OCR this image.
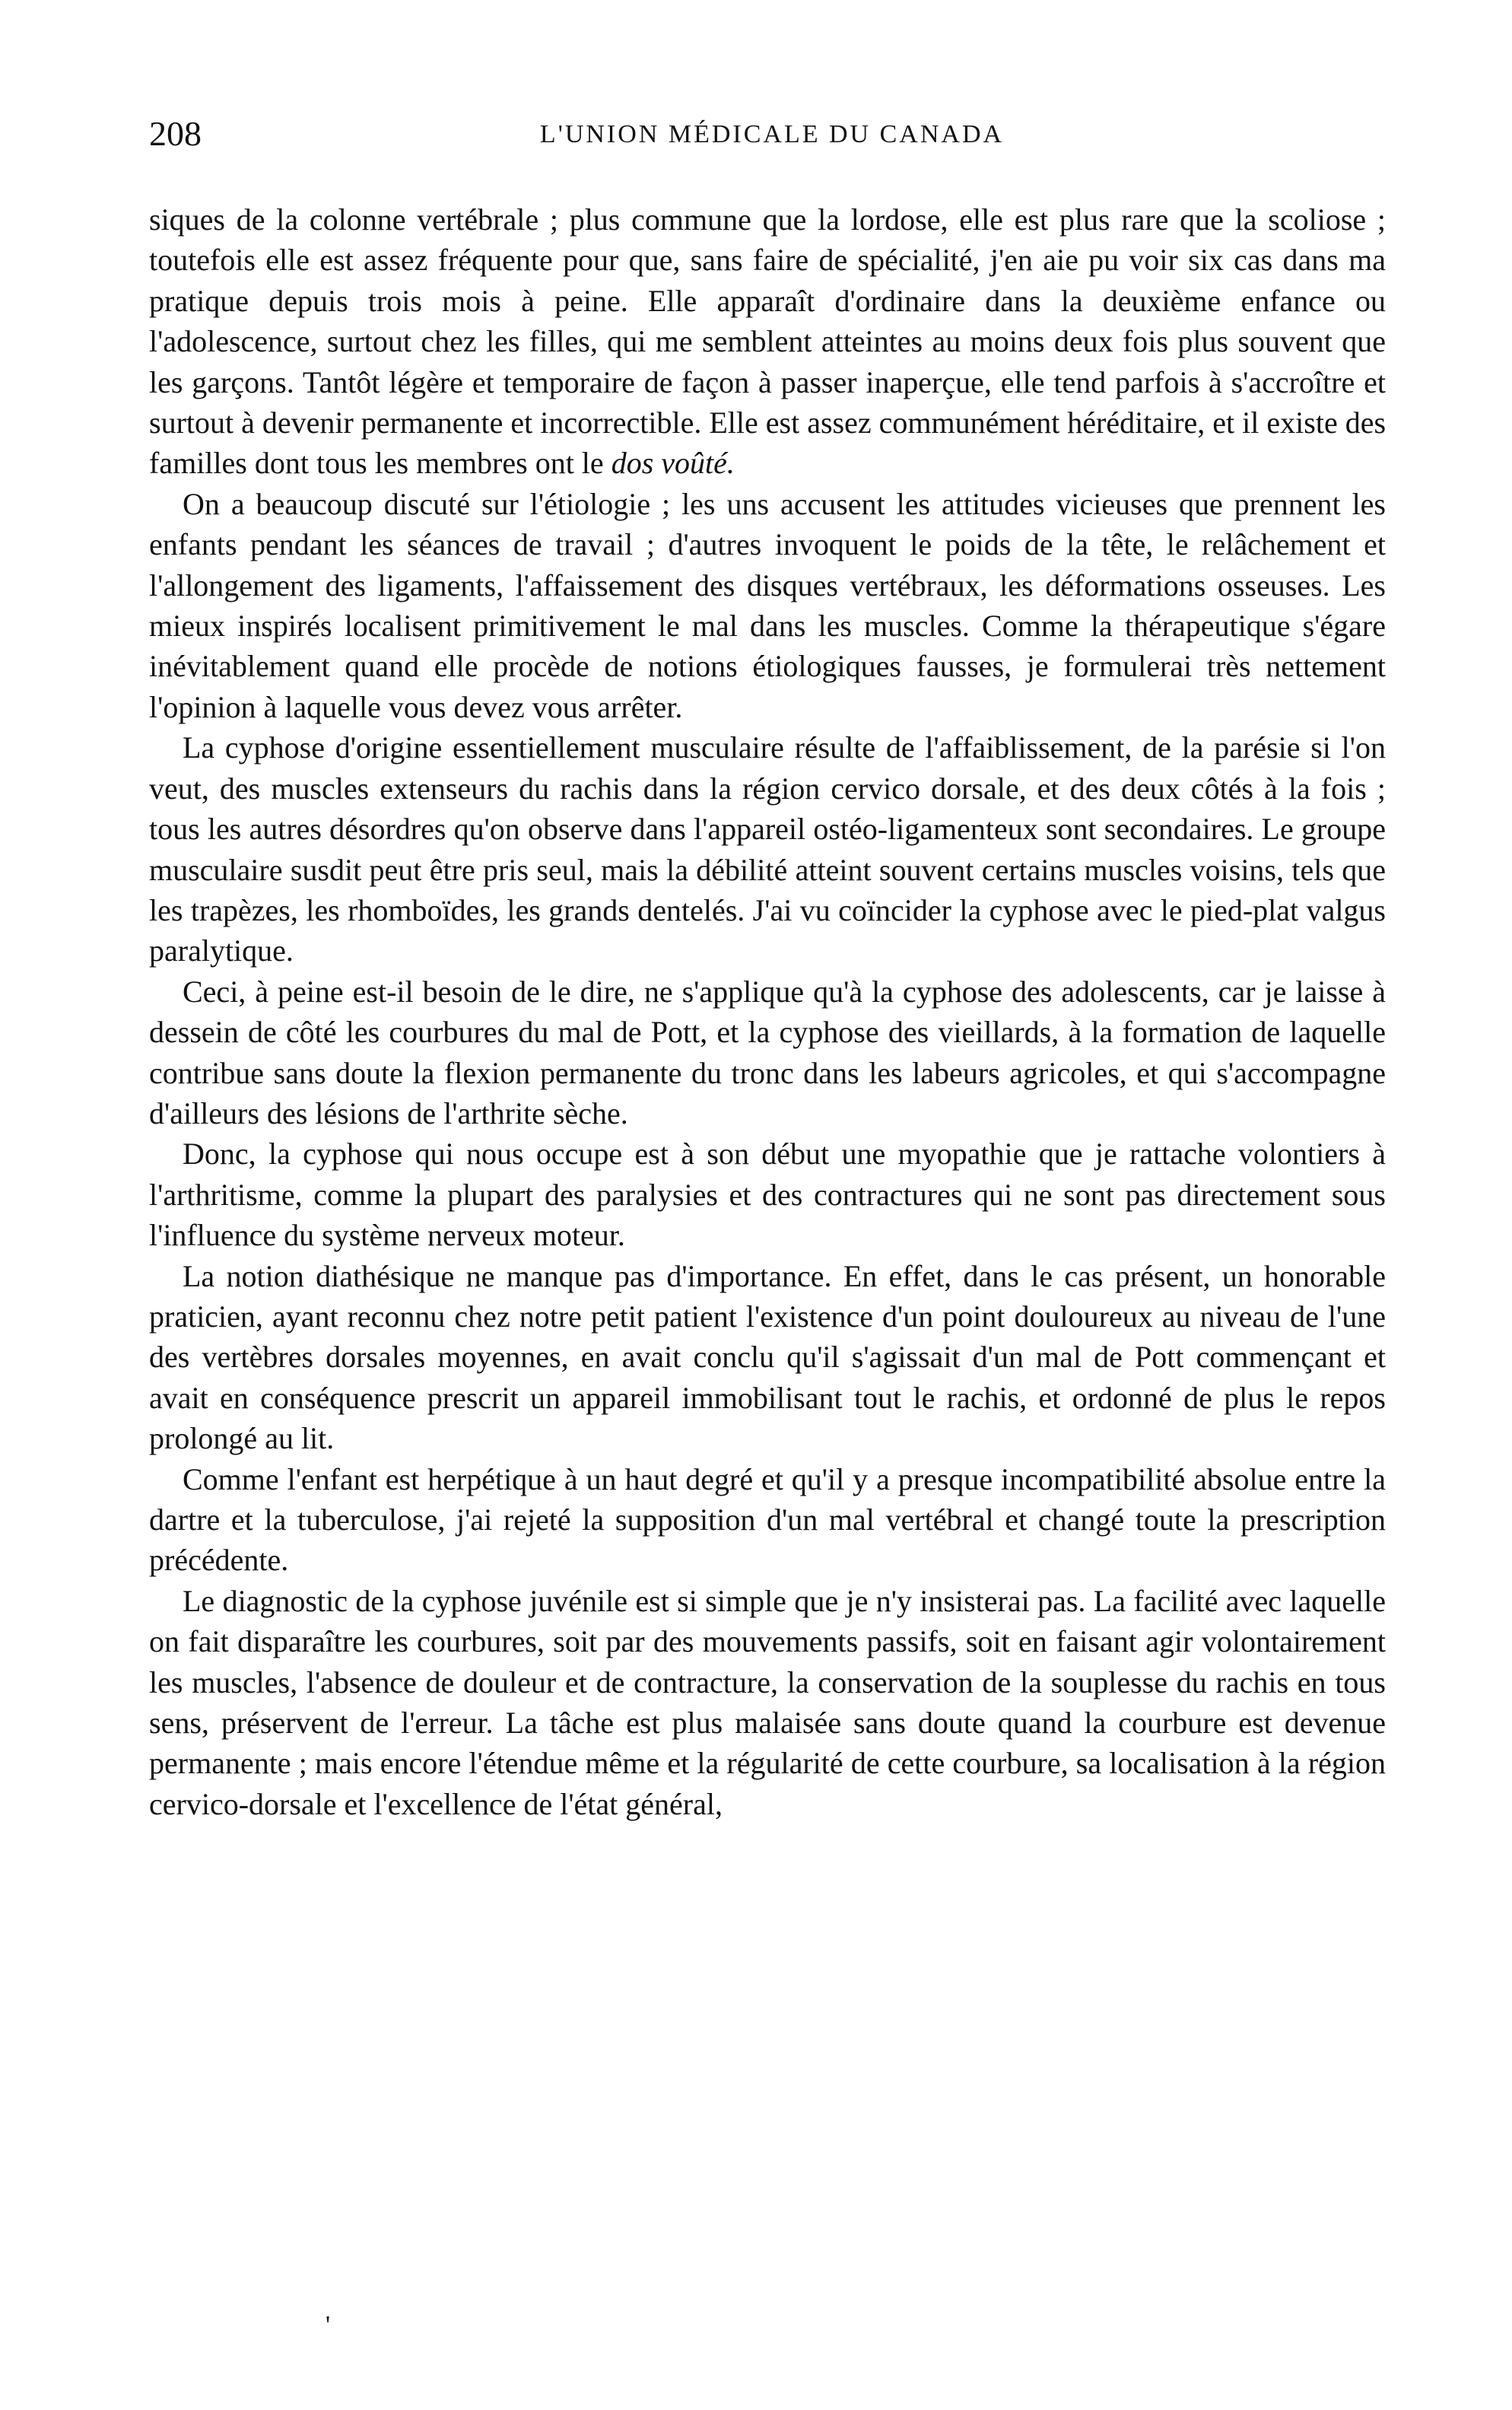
208	L'UNION MÉDICALE DU CANADA

siques de la colonne vertébrale ; plus commune que la lordose, elle est plus rare que la scoliose ; toutefois elle est assez fréquente pour que, sans faire de spécialité, j'en aie pu voir six cas dans ma pratique depuis trois mois à peine. Elle apparaît d'ordinaire dans la deuxième enfance ou l'adolescence, surtout chez les filles, qui me semblent atteintes au moins deux fois plus souvent que les garçons. Tantôt légère et temporaire de façon à passer inaperçue, elle tend parfois à s'accroître et surtout à devenir permanente et incorrectible. Elle est assez communément héréditaire, et il existe des familles dont tous les membres ont le dos voûté.

On a beaucoup discuté sur l'étiologie ; les uns accusent les attitudes vicieuses que prennent les enfants pendant les séances de travail ; d'autres invoquent le poids de la tête, le relâchement et l'allongement des ligaments, l'affaissement des disques vertébraux, les déformations osseuses. Les mieux inspirés localisent primitivement le mal dans les muscles. Comme la thérapeutique s'égare inévitablement quand elle procède de notions étiologiques fausses, je formulerai très nettement l'opinion à laquelle vous devez vous arrêter.

La cyphose d'origine essentiellement musculaire résulte de l'affaiblissement, de la parésie si l'on veut, des muscles extenseurs du rachis dans la région cervico dorsale, et des deux côtés à la fois ; tous les autres désordres qu'on observe dans l'appareil ostéo-ligamenteux sont secondaires. Le groupe musculaire susdit peut être pris seul, mais la débilité atteint souvent certains muscles voisins, tels que les trapèzes, les rhomboïdes, les grands dentelés. J'ai vu coïncider la cyphose avec le pied-plat valgus paralytique.

Ceci, à peine est-il besoin de le dire, ne s'applique qu'à la cyphose des adolescents, car je laisse à dessein de côté les courbures du mal de Pott, et la cyphose des vieillards, à la formation de laquelle contribue sans doute la flexion permanente du tronc dans les labeurs agricoles, et qui s'accompagne d'ailleurs des lésions de l'arthrite sèche.

Donc, la cyphose qui nous occupe est à son début une myopathie que je rattache volontiers à l'arthritisme, comme la plupart des paralysies et des contractures qui ne sont pas directement sous l'influence du système nerveux moteur.

La notion diathésique ne manque pas d'importance. En effet, dans le cas présent, un honorable praticien, ayant reconnu chez notre petit patient l'existence d'un point douloureux au niveau de l'une des vertèbres dorsales moyennes, en avait conclu qu'il s'agissait d'un mal de Pott commençant et avait en conséquence prescrit un appareil immobilisant tout le rachis, et ordonné de plus le repos prolongé au lit.

Comme l'enfant est herpétique à un haut degré et qu'il y a presque incompatibilité absolue entre la dartre et la tuberculose, j'ai rejeté la supposition d'un mal vertébral et changé toute la prescription précédente.

Le diagnostic de la cyphose juvénile est si simple que je n'y insisterai pas. La facilité avec laquelle on fait disparaître les courbures, soit par des mouvements passifs, soit en faisant agir volontairement les muscles, l'absence de douleur et de contracture, la conservation de la souplesse du rachis en tous sens, préservent de l'erreur. La tâche est plus malaisée sans doute quand la courbure est devenue permanente ; mais encore l'étendue même et la régularité de cette courbure, sa localisation à la région cervico-dorsale et l'excellence de l'état général,

'
